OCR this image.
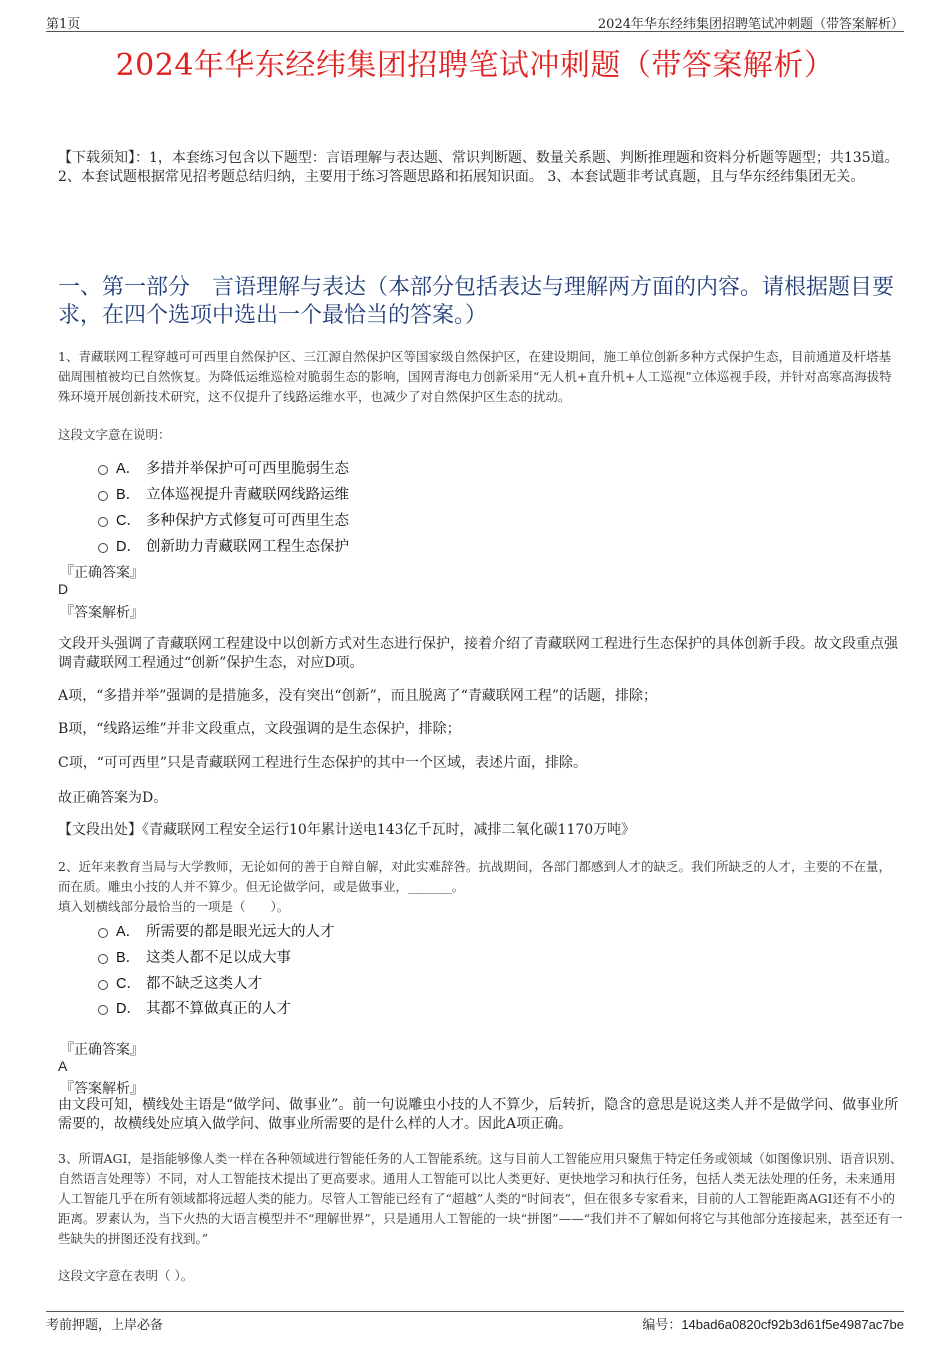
第1页	2024年华东经纬集团招聘笔试冲刺题（带答案解析）
2024年华东经纬集团招聘笔试冲刺题（带答案解析）
【下载须知】：1，本套练习包含以下题型：言语理解与表达题、常识判断题、数量关系题、判断推理题和资料分析题等题型；共135道。 2、本套试题根据常见招考题总结归纳，主要用于练习答题思路和拓展知识面。 3、本套试题非考试真题，且与华东经纬集团无关。
一、第一部分　言语理解与表达（本部分包括表达与理解两方面的内容。请根据题目要求，在四个选项中选出一个最恰当的答案。）
1、青藏联网工程穿越可可西里自然保护区、三江源自然保护区等国家级自然保护区，在建设期间，施工单位创新多种方式保护生态，目前通道及杆塔基础周围植被均已自然恢复。为降低运维巡检对脆弱生态的影响，国网青海电力创新采用“无人机+直升机+人工巡视”立体巡视手段，并针对高寒高海拔特殊环境开展创新技术研究，这不仅提升了线路运维水平，也减少了对自然保护区生态的扰动。
这段文字意在说明：
A． 多措并举保护可可西里脆弱生态
B． 立体巡视提升青藏联网线路运维
C． 多种保护方式修复可可西里生态
D． 创新助力青藏联网工程生态保护
『正确答案』
D
『答案解析』
文段开头强调了青藏联网工程建设中以创新方式对生态进行保护，接着介绍了青藏联网工程进行生态保护的具体创新手段。故文段重点强调青藏联网工程通过“创新”保护生态，对应D项。
A项，“多措并举”强调的是措施多，没有突出“创新”，而且脱离了“青藏联网工程”的话题，排除；
B项，“线路运维”并非文段重点，文段强调的是生态保护，排除；
C项，“可可西里”只是青藏联网工程进行生态保护的其中一个区域，表述片面，排除。
故正确答案为D。
【文段出处】《青藏联网工程安全运行10年累计送电143亿千瓦时，减排二氧化碳1170万吨》
2、近年来教育当局与大学教师，无论如何的善于自辩自解，对此实难辞咎。抗战期间，各部门都感到人才的缺乏。我们所缺乏的人才，主要的不在量，而在质。雕虫小技的人并不算少。但无论做学问，或是做事业，_______。
填入划横线部分最恰当的一项是（　　）。
A． 所需要的都是眼光远大的人才
B． 这类人都不足以成大事
C． 都不缺乏这类人才
D． 其都不算做真正的人才
『正确答案』
A
『答案解析』
由文段可知，横线处主语是“做学问、做事业”。前一句说雕虫小技的人不算少，后转折，隐含的意思是说这类人并不是做学问、做事业所需要的，故横线处应填入做学问、做事业所需要的是什么样的人才。因此A项正确。
3、所谓AGI，是指能够像人类一样在各种领域进行智能任务的人工智能系统。这与目前人工智能应用只聚焦于特定任务或领域（如图像识别、语音识别、自然语言处理等）不同，对人工智能技术提出了更高要求。通用人工智能可以比人类更好、更快地学习和执行任务，包括人类无法处理的任务，未来通用人工智能几乎在所有领域都将远超人类的能力。尽管人工智能已经有了“超越”人类的“时间表”，但在很多专家看来，目前的人工智能距离AGI还有不小的距离。罗素认为，当下火热的大语言模型并不“理解世界”，只是通用人工智能的一块“拼图”——“我们并不了解如何将它与其他部分连接起来，甚至还有一些缺失的拼图还没有找到。”
这段文字意在表明（ ）。
考前押题，上岸必备	编号：14bad6a0820cf92b3d61f5e4987ac7be
